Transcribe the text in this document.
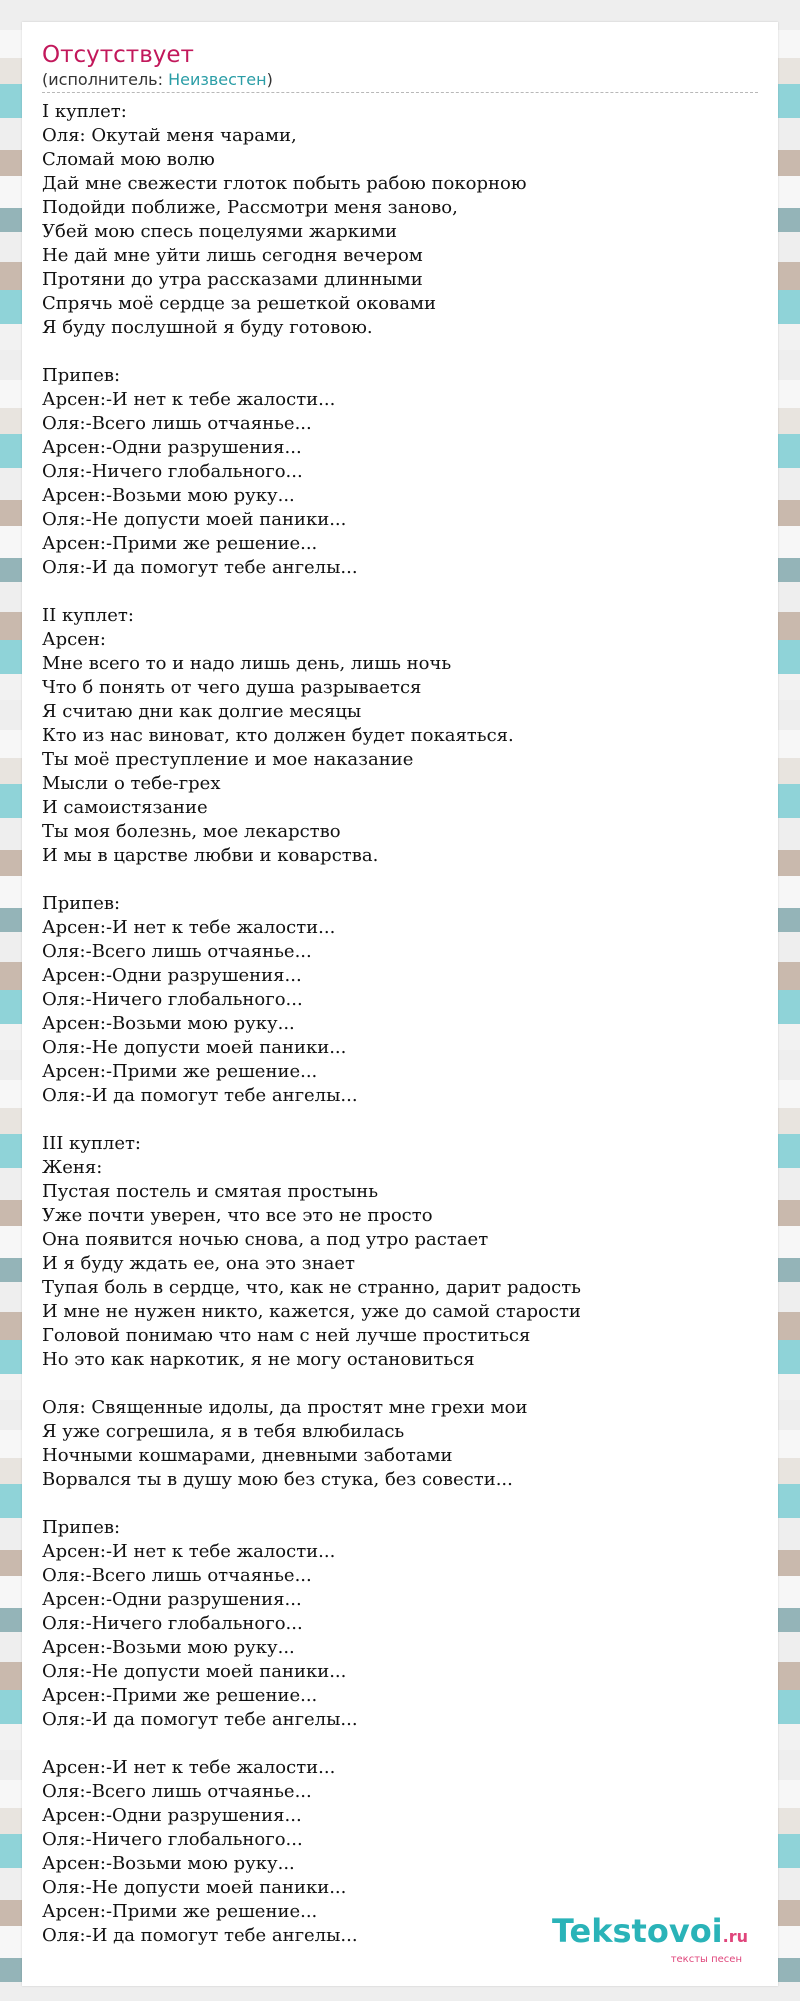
Отсутствует
(исполнитель: Неизвестен)
I куплет:
Оля: Окутай меня чарами,
Сломай мою волю
Дай мне свежести глоток побыть рабою покорною
Подойди поближе, Рассмотри меня заново,
Убей мою спесь поцелуями жаркими
Не дай мне уйти лишь сегодня вечером
Протяни до утра рассказами длинными
Спрячь моё сердце за решеткой оковами
Я буду послушной я буду готовою.
Припев:
Арсен:-И нет к тебе жалости...
Оля:-Всего лишь отчаянье...
Арсен:-Одни разрушения...
Оля:-Ничего глобального...
Арсен:-Возьми мою руку...
Оля:-Не допусти моей паники...
Арсен:-Прими же решение...
Оля:-И да помогут тебе ангелы...
II куплет:
Арсен:
Мне всего то и надо лишь день, лишь ночь
Что б понять от чего душа разрывается
Я считаю дни как долгие месяцы
Кто из нас виноват, кто должен будет покаяться.
Ты моё преступление и мое наказание
Мысли о тебе-грех
И самоистязание
Ты моя болезнь, мое лекарство
И мы в царстве любви и коварства.
Припев:
Арсен:-И нет к тебе жалости...
Оля:-Всего лишь отчаянье...
Арсен:-Одни разрушения...
Оля:-Ничего глобального...
Арсен:-Возьми мою руку...
Оля:-Не допусти моей паники...
Арсен:-Прими же решение...
Оля:-И да помогут тебе ангелы...
III куплет:
Женя:
Пустая постель и смятая простынь
Уже почти уверен, что все это не просто
Она появится ночью снова, а под утро растает
И я буду ждать ее, она это знает
Тупая боль в сердце, что, как не странно, дарит радость
И мне не нужен никто, кажется, уже до самой старости
Головой понимаю что нам с ней лучше проститься
Но это как наркотик, я не могу остановиться
Оля: Священные идолы, да простят мне грехи мои
Я уже согрешила, я в тебя влюбилась
Ночными кошмарами, дневными заботами
Ворвался ты в душу мою без стука, без совести...
Припев:
Арсен:-И нет к тебе жалости...
Оля:-Всего лишь отчаянье...
Арсен:-Одни разрушения...
Оля:-Ничего глобального...
Арсен:-Возьми мою руку...
Оля:-Не допусти моей паники...
Арсен:-Прими же решение...
Оля:-И да помогут тебе ангелы...
Арсен:-И нет к тебе жалости...
Оля:-Всего лишь отчаянье...
Арсен:-Одни разрушения...
Оля:-Ничего глобального...
Арсен:-Возьми мою руку...
Оля:-Не допусти моей паники...
Арсен:-Прими же решение...
Оля:-И да помогут тебе ангелы...	Tekstovoi.ru
тексты песен
